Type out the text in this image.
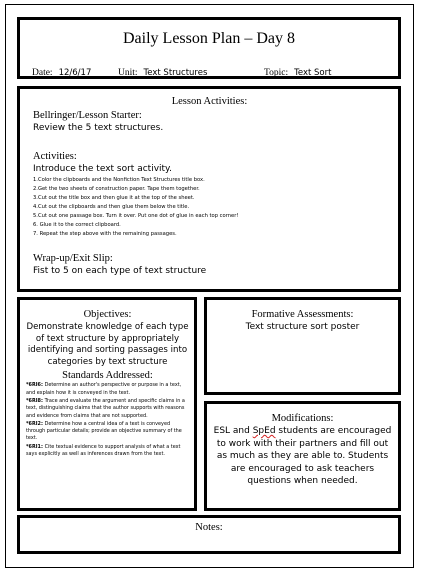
Daily Lesson Plan – Day 8
Date: 12/6/17	Unit: Text Structures	Topic: Text Sort
Lesson Activities:
Bellringer/Lesson Starter:
Review the 5 text structures.
Activities:
Introduce the text sort activity.
1.Color the clipboards and the Nonfiction Text Structures title box.
2.Get the two sheets of construction paper. Tape them together.
3.Cut out the title box and then glue it at the top of the sheet.
4.Cut out the clipboards and then glue them below the title.
5.Cut out one passage box. Turn it over. Put one dot of glue in each top corner!
6. Glue it to the correct clipboard.
7. Repeat the step above with the remaining passages.
Wrap-up/Exit Slip:
Fist to 5 on each type of text structure
Objectives:
Demonstrate knowledge of each type of text structure by appropriately identifying and sorting passages into categories by text structure
Standards Addressed:
*6RI6: Determine an author's perspective or purpose in a text, and explain how it is conveyed in the text.
*6RI8: Trace and evaluate the argument and specific claims in a text, distinguishing claims that the author supports with reasons and evidence from claims that are not supported.
*6RI2: Determine how a central idea of a text is conveyed through particular details; provide an objective summary of the text.
*6RI1: Cite textual evidence to support analysis of what a text says explicitly as well as inferences drawn from the text.
Formative Assessments:
Text structure sort poster
Modifications:
ESL and SpEd students are encouraged to work with their partners and fill out as much as they are able to. Students are encouraged to ask teachers questions when needed.
Notes:
